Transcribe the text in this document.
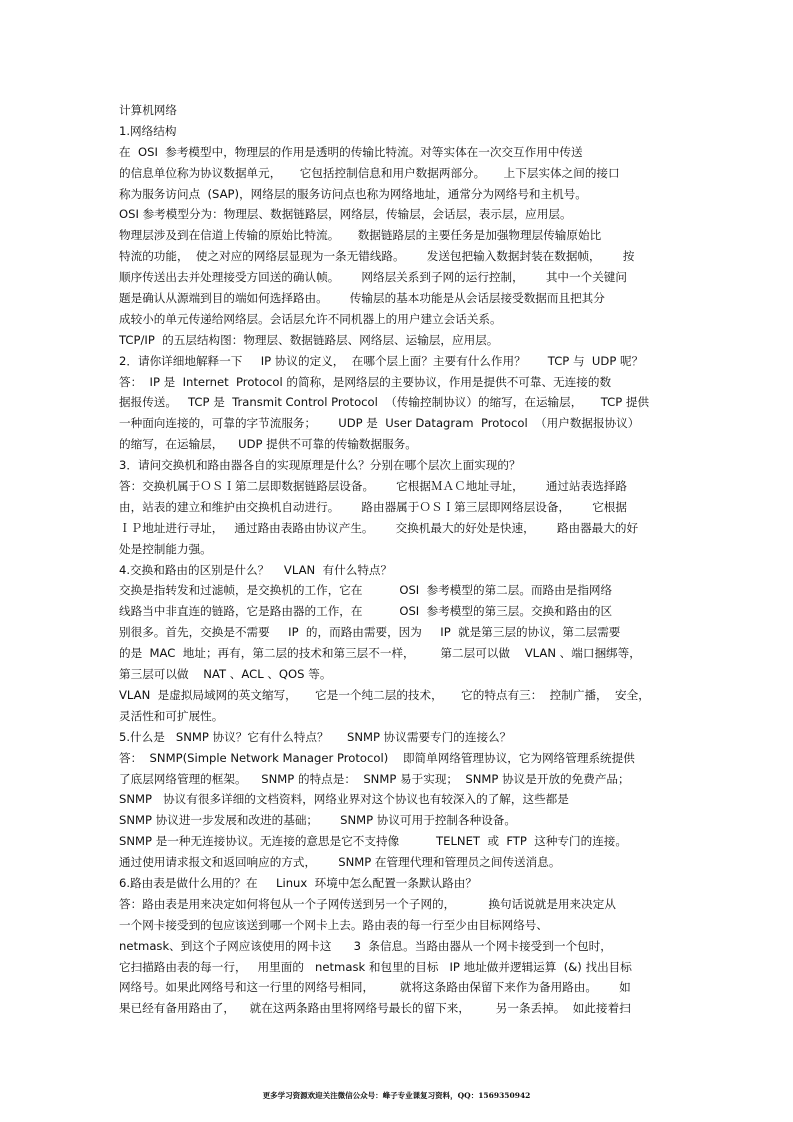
计算机网络
1.网络结构
在  OSI  参考模型中，物理层的作用是透明的传输比特流。对等实体在一次交互作用中传送
的信息单位称为协议数据单元，     它包括控制信息和用户数据两部分。     上下层实体之间的接口
称为服务访问点  (SAP)，网络层的服务访问点也称为网络地址，通常分为网络号和主机号。
OSI 参考模型分为：物理层、数据链路层，网络层，传输层，会话层，表示层，应用层。
物理层涉及到在信道上传输的原始比特流。     数据链路层的主要任务是加强物理层传输原始比
特流的功能，  使之对应的网络层显现为一条无错线路。      发送包把输入数据封装在数据帧，      按
顺序传送出去并处理接受方回送的确认帧。      网络层关系到子网的运行控制，      其中一个关键问
题是确认从源端到目的端如何选择路由。      传输层的基本功能是从会话层接受数据而且把其分
成较小的单元传递给网络层。会话层允许不同机器上的用户建立会话关系。
TCP/IP  的五层结构图：物理层、数据链路层、网络层、运输层，应用层。
2．请你详细地解释一下     IP 协议的定义，  在哪个层上面？主要有什么作用？      TCP 与  UDP 呢？
答：  IP 是  Internet  Protocol 的简称，是网络层的主要协议，作用是提供不可靠、无连接的数
据报传送。   TCP 是  Transmit Control Protocol  （传输控制协议）的缩写，在运输层，     TCP 提供
一种面向连接的，可靠的字节流服务；      UDP 是  User Datagram  Protocol  （用户数据报协议）
的缩写，在运输层，    UDP 提供不可靠的传输数据服务。
3．请问交换机和路由器各自的实现原理是什么？分别在哪个层次上面实现的？
答：交换机属于ＯＳＩ第二层即数据链路层设备。      它根据ＭＡＣ地址寻址，      通过站表选择路
由，站表的建立和维护由交换机自动进行。      路由器属于ＯＳＩ第三层即网络层设备，      它根据
ＩＰ地址进行寻址，   通过路由表路由协议产生。      交换机最大的好处是快速，      路由器最大的好
处是控制能力强。
4.交换和路由的区别是什么？    VLAN  有什么特点？
交换是指转发和过滤帧，是交换机的工作，它在          OSI  参考模型的第二层。而路由是指网络
线路当中非直连的链路，它是路由器的工作，在          OSI  参考模型的第三层。交换和路由的区
别很多。首先，交换是不需要     IP  的，而路由需要，因为     IP  就是第三层的协议，第二层需要
的是  MAC  地址；再有，第二层的技术和第三层不一样，       第二层可以做    VLAN 、端口捆绑等，
第三层可以做    NAT 、ACL 、QOS 等。
VLAN  是虚拟局域网的英文缩写，     它是一个纯二层的技术，     它的特点有三：  控制广播，  安全，
灵活性和可扩展性。
5.什么是   SNMP 协议？它有什么特点？     SNMP 协议需要专门的连接么？
答：  SNMP(Simple Network Manager Protocol)    即简单网络管理协议，它为网络管理系统提供
了底层网络管理的框架。    SNMP 的特点是：  SNMP 易于实现；  SNMP 协议是开放的免费产品；
SNMP   协议有很多详细的文档资料，网络业界对这个协议也有较深入的了解，这些都是
SNMP 协议进一步发展和改进的基础；      SNMP 协议可用于控制各种设备。
SNMP 是一种无连接协议。无连接的意思是它不支持像          TELNET  或  FTP  这种专门的连接。
通过使用请求报文和返回响应的方式，      SNMP 在管理代理和管理员之间传送消息。
6.路由表是做什么用的？在     Linux  环境中怎么配置一条默认路由？
答：路由表是用来决定如何将包从一个子网传送到另一个子网的，         换句话说就是用来决定从
一个网卡接受到的包应该送到哪一个网卡上去。路由表的每一行至少由目标网络号、
netmask、到这个子网应该使用的网卡这      3  条信息。当路由器从一个网卡接受到一个包时，
它扫描路由表的每一行，   用里面的   netmask 和包里的目标   IP 地址做并逻辑运算  (&) 找出目标
网络号。如果此网络号和这一行里的网络号相同，       就将这条路由保留下来作为备用路由。      如
果已经有备用路由了，    就在这两条路由里将网络号最长的留下来，       另一条丢掉。  如此接着扫
更多学习资源欢迎关注微信公众号：峰子专业课复习资料，QQ：1569350942
